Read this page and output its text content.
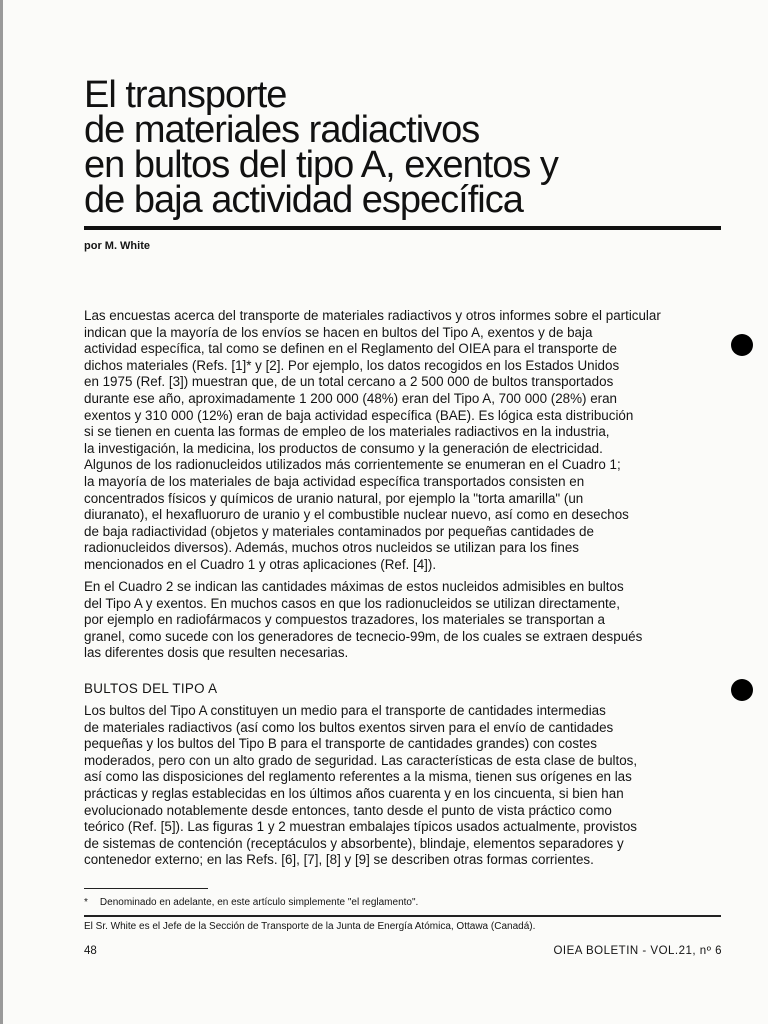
El transporte
de materiales radiactivos
en bultos del tipo A, exentos y
de baja actividad específica
por M. White
Las encuestas acerca del transporte de materiales radiactivos y otros informes sobre el particular
indican que la mayoría de los envíos se hacen en bultos del Tipo A, exentos y de baja
actividad específica, tal como se definen en el Reglamento del OIEA para el transporte de
dichos materiales (Refs. [1]* y [2]. Por ejemplo, los datos recogidos en los Estados Unidos
en 1975 (Ref. [3]) muestran que, de un total cercano a 2 500 000 de bultos transportados
durante ese año, aproximadamente 1 200 000 (48%) eran del Tipo A, 700 000 (28%) eran
exentos y 310 000 (12%) eran de baja actividad específica (BAE). Es lógica esta distribución
si se tienen en cuenta las formas de empleo de los materiales radiactivos en la industria,
la investigación, la medicina, los productos de consumo y la generación de electricidad.
Algunos de los radionucleidos utilizados más corrientemente se enumeran en el Cuadro 1;
la mayoría de los materiales de baja actividad específica transportados consisten en
concentrados físicos y químicos de uranio natural, por ejemplo la "torta amarilla" (un
diuranato), el hexafluoruro de uranio y el combustible nuclear nuevo, así como en desechos
de baja radiactividad (objetos y materiales contaminados por pequeñas cantidades de
radionucleidos diversos). Además, muchos otros nucleidos se utilizan para los fines
mencionados en el Cuadro 1 y otras aplicaciones (Ref. [4]).
En el Cuadro 2 se indican las cantidades máximas de estos nucleidos admisibles en bultos
del Tipo A y exentos. En muchos casos en que los radionucleidos se utilizan directamente,
por ejemplo en radiofármacos y compuestos trazadores, los materiales se transportan a
granel, como sucede con los generadores de tecnecio-99m, de los cuales se extraen después
las diferentes dosis que resulten necesarias.
BULTOS DEL TIPO A
Los bultos del Tipo A constituyen un medio para el transporte de cantidades intermedias
de materiales radiactivos (así como los bultos exentos sirven para el envío de cantidades
pequeñas y los bultos del Tipo B para el transporte de cantidades grandes) con costes
moderados, pero con un alto grado de seguridad. Las características de esta clase de bultos,
así como las disposiciones del reglamento referentes a la misma, tienen sus orígenes en las
prácticas y reglas establecidas en los últimos años cuarenta y en los cincuenta, si bien han
evolucionado notablemente desde entonces, tanto desde el punto de vista práctico como
teórico (Ref. [5]). Las figuras 1 y 2 muestran embalajes típicos usados actualmente, provistos
de sistemas de contención (receptáculos y absorbente), blindaje, elementos separadores y
contenedor externo; en las Refs. [6], [7], [8] y [9] se describen otras formas corrientes.
* Denominado en adelante, en este artículo simplemente "el reglamento".
El Sr. White es el Jefe de la Sección de Transporte de la Junta de Energía Atómica, Ottawa (Canadá).
48	OIEA BOLETIN - VOL.21, nº 6
